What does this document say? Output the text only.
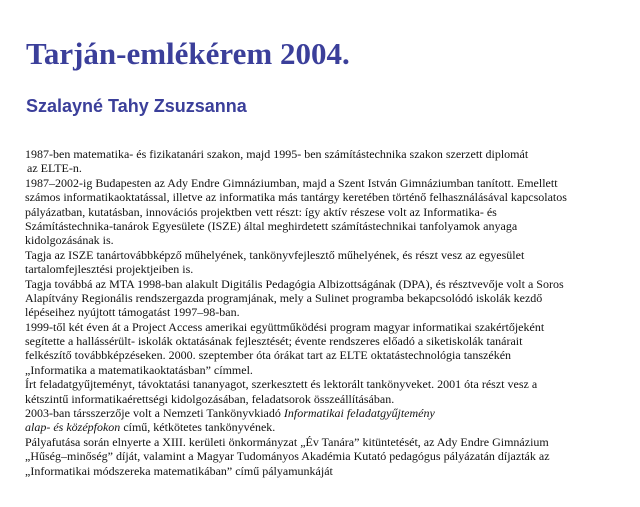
Tarján-emlékérem 2004.
Szalayné Tahy Zsuzsanna
1987-ben matematika- és fizikatanári szakon, majd 1995- ben számítástechnika szakon szerzett diplomát
az ELTE-n.
1987–2002-ig Budapesten az Ady Endre Gimnáziumban, majd a Szent István Gimnáziumban tanított. Emellett
számos informatikaoktatással, illetve az informatika más tantárgy keretében történő felhasználásával kapcsolatos
pályázatban, kutatásban, innovációs projektben vett részt: így aktív részese volt az Informatika- és
Számítástechnika-tanárok Egyesülete (ISZE) által meghirdetett számítástechnikai tanfolyamok anyaga
kidolgozásának is.
Tagja az ISZE tanártovábbképző műhelyének, tankönyvfejlesztő műhelyének, és részt vesz az egyesület
tartalomfejlesztési projektjeiben is.
Tagja továbbá az MTA 1998-ban alakult Digitális Pedagógia Albizottságának (DPA), és résztvevője volt a Soros
Alapítvány Regionális rendszergazda programjának, mely a Sulinet programba bekapcsolódó iskolák kezdő
lépéseihez nyújtott támogatást 1997–98-ban.
1999-től két éven át a Project Access amerikai együttműködési program magyar informatikai szakértőjeként
segítette a hallássérült- iskolák oktatásának fejlesztését; évente rendszeres előadó a siketiskolák tanárait
felkészítő továbbképzéseken. 2000. szeptember óta órákat tart az ELTE oktatástechnológia tanszékén
„Informatika a matematikaoktatásban” címmel.
Írt feladatgyűjteményt, távoktatási tananyagot, szerkesztett és lektorált tankönyveket. 2001 óta részt vesz a
kétszintű informatikaérettségi kidolgozásában, feladatsorok összeállításában.
2003-ban társszerzője volt a Nemzeti Tankönyvkiadó Informatikai feladatgyűjtemény
alap- és középfokon című, kétkötetes tankönyvének.
Pályafutása során elnyerte a XIII. kerületi önkormányzat „Év Tanára” kitüntetését, az Ady Endre Gimnázium
„Hűség–minőség” díját, valamint a Magyar Tudományos Akadémia Kutató pedagógus pályázatán díjazták az
„Informatikai módszereka matematikában” című pályamunkáját
